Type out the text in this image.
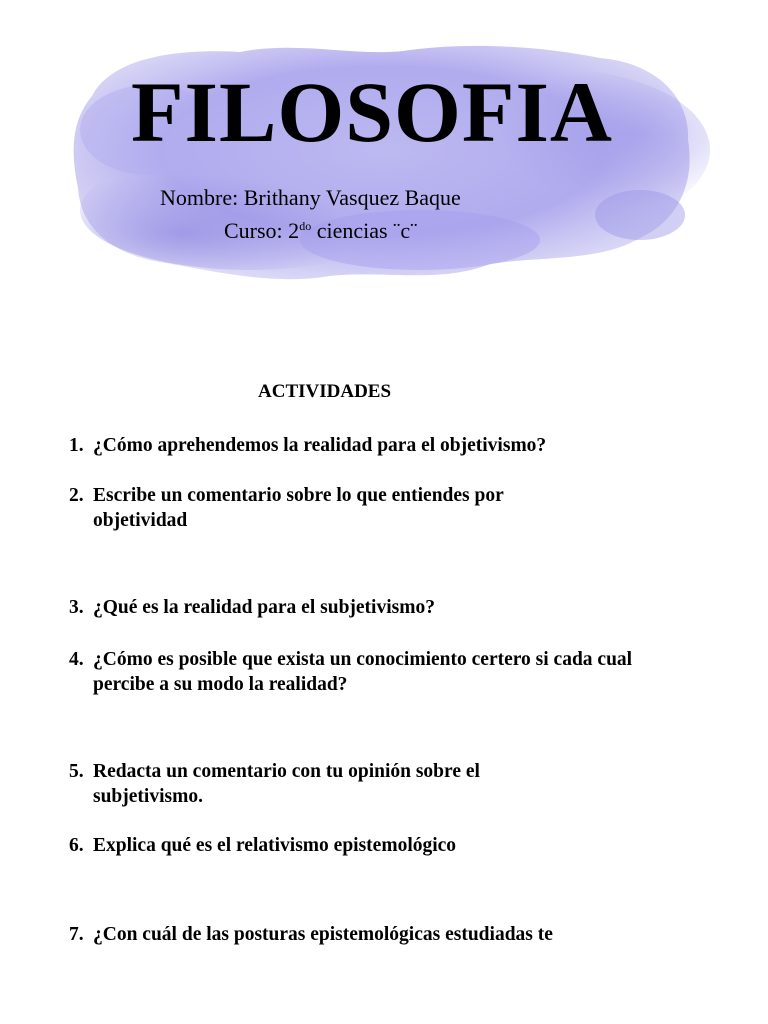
FILOSOFIA
Nombre: Brithany Vasquez Baque
Curso: $2^{do}$ ciencias ¨c¨
ACTIVIDADES
1. ¿Cómo aprehendemos la realidad para el objetivismo?
2. Escribe un comentario sobre lo que entiendes por objetividad
3. ¿Qué es la realidad para el subjetivismo?
4. ¿Cómo es posible que exista un conocimiento certero si cada cual percibe a su modo la realidad?
5. Redacta un comentario con tu opinión sobre el subjetivismo.
6. Explica qué es el relativismo epistemológico
7. ¿Con cuál de las posturas epistemológicas estudiadas te
